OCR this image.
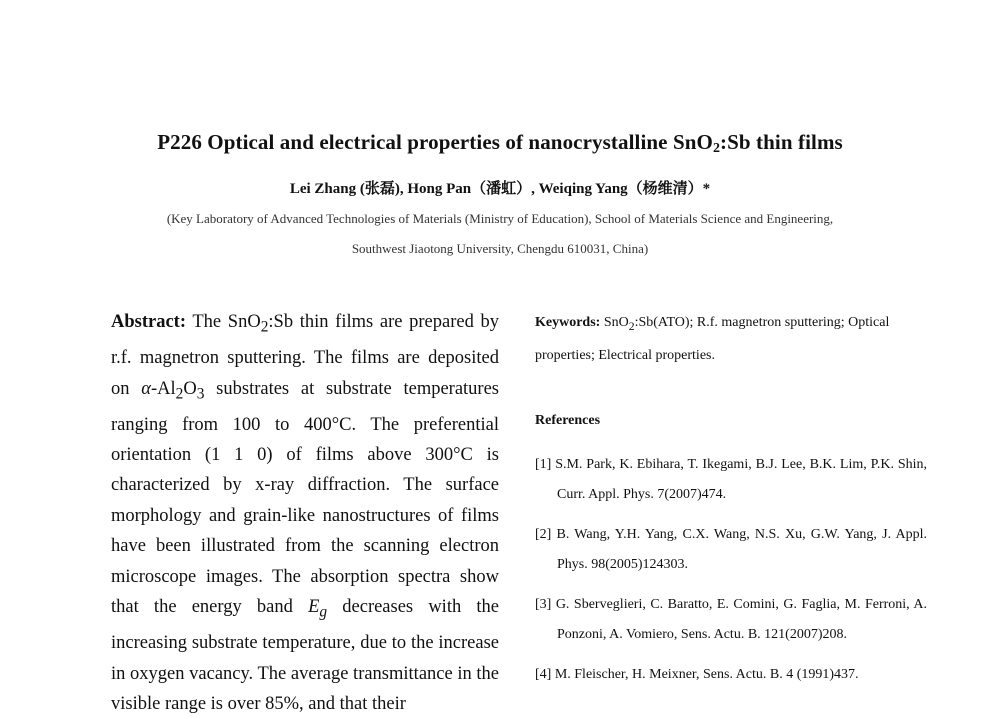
P226 Optical and electrical properties of nanocrystalline SnO$_2$:Sb thin films
Lei Zhang (张磊), Hong Pan（潘虹）, Weiqing Yang（杨维清）*
(Key Laboratory of Advanced Technologies of Materials (Ministry of Education), School of Materials Science and Engineering,
Southwest Jiaotong University, Chengdu 610031, China)

Abstract: The SnO$_2$:Sb thin films are prepared by r.f. magnetron sputtering. The films are deposited on $\alpha-Al_2O_3$ substrates at substrate temperatures ranging from 100 to 400°C. The preferential orientation (1 1 0) of films above 300°C is characterized by x-ray diffraction. The surface morphology and grain-like nanostructures of films have been illustrated from the scanning electron microscope images. The absorption spectra show that the energy band $E_g$ decreases with the increasing substrate temperature, due to the increase in oxygen vacancy. The average transmittance in the visible range is over 85%, and that their

Keywords: SnO$_2$:Sb(ATO); R.f. magnetron sputtering; Optical properties; Electrical properties.
References
[1] S.M. Park, K. Ebihara, T. Ikegami, B.J. Lee, B.K. Lim, P.K. Shin, Curr. Appl. Phys. 7(2007)474.
[2] B. Wang, Y.H. Yang, C.X. Wang, N.S. Xu, G.W. Yang, J. Appl. Phys. 98(2005)124303.
[3] G. Sberveglieri, C. Baratto, E. Comini, G. Faglia, M. Ferroni, A. Ponzoni, A. Vomiero, Sens. Actu. B. 121(2007)208.
[4] M. Fleischer, H. Meixner, Sens. Actu. B. 4 (1991)437.
